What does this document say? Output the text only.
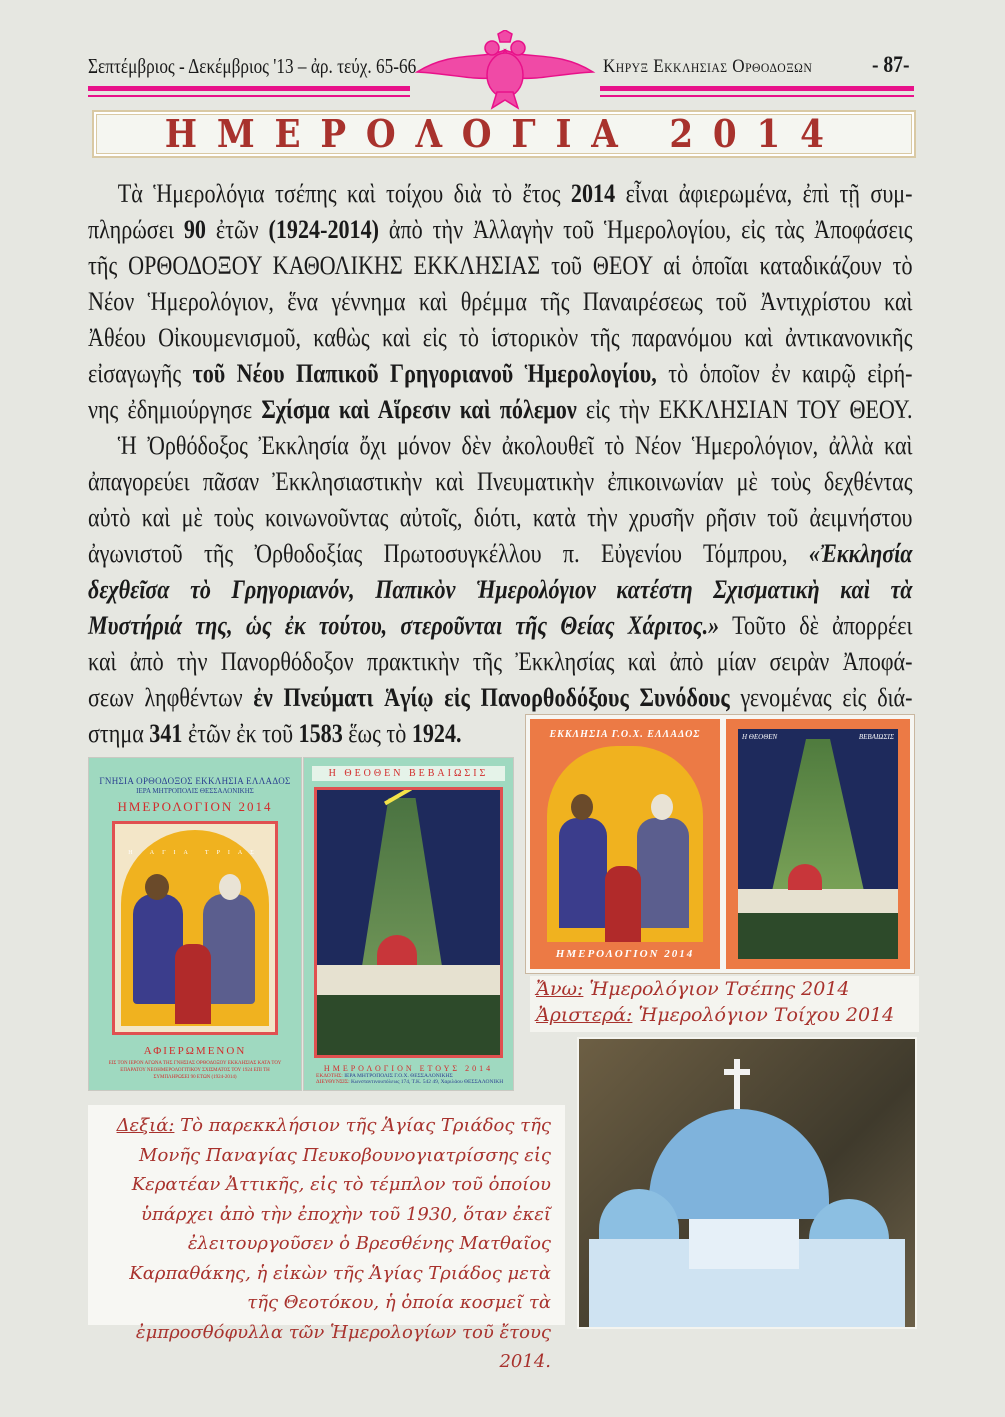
Σεπτέμβριος - Δεκέμβριος '13 – ἀρ. τεύχ. 65-66	Κηρυξ Εκκλησιας Ορθοδοξων	- 87-
ΗΜΕΡΟΛΟΓΙΑ 2014
Τὰ Ἡμερολόγια τσέπης καὶ τοίχου διὰ τὸ ἔτος 2014 εἶναι ἀφιερωμένα, ἐπὶ τῇ συμ-
πληρώσει 90 ἐτῶν (1924-2014) ἀπὸ τὴν Ἀλλαγὴν τοῦ Ἡμερολογίου, εἰς τὰς Ἀποφάσεις
τῆς ΟΡΘΟΔΟΞΟΥ ΚΑΘΟΛΙΚΗΣ ΕΚΚΛΗΣΙΑΣ τοῦ ΘΕΟΥ αἱ ὁποῖαι καταδικάζουν τὸ
Νέον Ἡμερολόγιον, ἕνα γέννημα καὶ θρέμμα τῆς Παναιρέσεως τοῦ Ἀντιχρίστου καὶ
Ἀθέου Οἰκουμενισμοῦ, καθὼς καὶ εἰς τὸ ἱστορικὸν τῆς παρανόμου καὶ ἀντικανονικῆς
εἰσαγωγῆς τοῦ Νέου Παπικοῦ Γρηγοριανοῦ Ἡμερολογίου, τὸ ὁποῖον ἐν καιρῷ εἰρή-
νης ἐδημιούργησε Σχίσμα καὶ Αἵρεσιν καὶ πόλεμον εἰς τὴν ΕΚΚΛΗΣΙΑΝ ΤΟΥ ΘΕΟΥ.
Ἡ Ὀρθόδοξος Ἐκκλησία ὄχι μόνον δὲν ἀκολουθεῖ τὸ Νέον Ἡμερολόγιον, ἀλλὰ καὶ
ἀπαγορεύει πᾶσαν Ἐκκλησιαστικὴν καὶ Πνευματικὴν ἐπικοινωνίαν μὲ τοὺς δεχθέντας
αὐτὸ καὶ μὲ τοὺς κοινωνοῦντας αὐτοῖς, διότι, κατὰ τὴν χρυσῆν ρῆσιν τοῦ ἀειμνήστου
ἀγωνιστοῦ τῆς Ὀρθοδοξίας Πρωτοσυγκέλλου π. Εὐγενίου Τόμπρου, «Ἐκκλησία
δεχθεῖσα τὸ Γρηγοριανόν, Παπικὸν Ἡμερολόγιον κατέστη Σχισματικὴ καὶ τὰ
Μυστήριά της, ὡς ἐκ τούτου, στεροῦνται τῆς Θείας Χάριτος.» Τοῦτο δὲ ἀπορρέει
καὶ ἀπὸ τὴν Πανορθόδοξον πρακτικὴν τῆς Ἐκκλησίας καὶ ἀπὸ μίαν σειρὰν Ἀποφά-
σεων ληφθέντων ἐν Πνεύματι Ἁγίῳ εἰς Πανορθοδόξους Συνόδους γενομένας εἰς διά-
στημα 341 ἐτῶν ἐκ τοῦ 1583 ἕως τὸ 1924.
ΓΝΗΣΙΑ ΟΡΘΟΔΟΞΟΣ ΕΚΚΛΗΣΙΑ ΕΛΛΑΔΟΣ
ΙΕΡΑ ΜΗΤΡΟΠΟΛΙΣ ΘΕΣΣΑΛΟΝΙΚΗΣ
ΗΜΕΡΟΛΟΓΙΟΝ 2014
Η ΑΓΙΑ ΤΡΙΑΣ
ΑΦΙΕΡΩΜΕΝΟΝ
ΕΙΣ ΤΟΝ ΙΕΡΟΝ ΑΓΩΝΑ ΤΗΣ ΓΝΗΣΙΑΣ ΟΡΘΟΔΟΞΟΥ ΕΚΚΛΗΣΙΑΣ ΚΑΤΑ ΤΟΥ ΕΠΑΡΑΤΟΥ ΝΕΟΗΜΕΡΟΛΟΓΙΤΙΚΟΥ ΣΧΙΣΜΑΤΟΣ ΤΟΥ 1924 ΕΠΙ ΤΗ ΣΥΜΠΛΗΡΩΣΕΙ 90 ΕΤΩΝ (1924-2014)
Η ΘΕΟΘΕΝ ΒΕΒΑΙΩΣΙΣ
ΗΜΕΡΟΛΟΓΙΟΝ ΕΤΟΥΣ 2014
ΕΚΔΟΤΗΣ: ΙΕΡΑ ΜΗΤΡΟΠΟΛΙΣ Γ.Ο.Χ. ΘΕΣΣΑΛΟΝΙΚΗΣ
ΔΙΕΥΘΥΝΣΙΣ: Κωνσταντινουπόλεως 174, Τ.Κ. 542 49, Χαριλάου ΘΕΣΣΑΛΟΝΙΚΗ
ΕΚΚΛΗΣΙΑ Γ.Ο.Χ. ΕΛΛΑΔΟΣ
ΗΜΕΡΟΛΟΓΙΟΝ 2014
Η ΘΕΟΘΕΝ	ΒΕΒΑΙΩΣΙΣ
Ἄνω: Ἡμερολόγιον Τσέπης 2014
Ἀριστερά: Ἡμερολόγιον Τοίχου 2014
Δεξιά: Τὸ παρεκκλήσιον τῆς Ἁγίας Τριάδος τῆς Μονῆς Παναγίας Πευκοβουνογιατρίσσης εἰς Κερατέαν Ἀττικῆς, εἰς τὸ τέμπλον τοῦ ὁποίου ὑπάρχει ἀπὸ τὴν ἐποχὴν τοῦ 1930, ὅταν ἐκεῖ ἐλειτουργοῦσεν ὁ Βρεσθένης Ματθαῖος Καρπαθάκης, ἡ εἰκὼν τῆς Ἁγίας Τριάδος μετὰ τῆς Θεοτόκου, ἡ ὁποία κοσμεῖ τὰ ἐμπροσθόφυλλα τῶν Ἡμερολογίων τοῦ ἔτους 2014.
